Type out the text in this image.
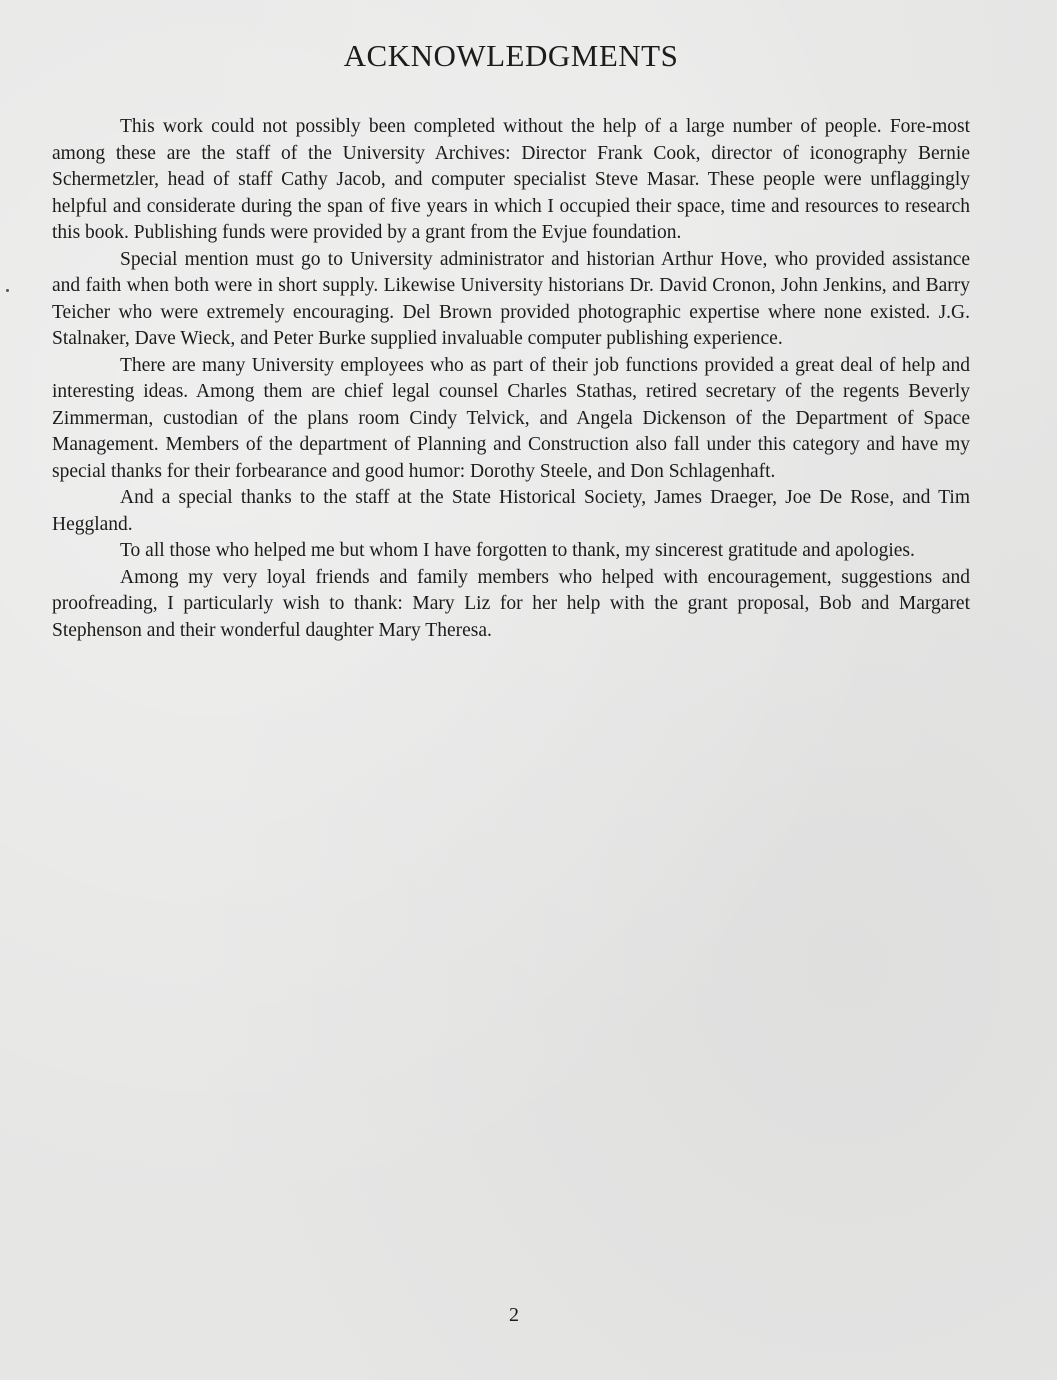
ACKNOWLEDGMENTS

This work could not possibly been completed without the help of a large number of people. Fore-most among these are the staff of the University Archives: Director Frank Cook, director of iconography Bernie Schermetzler, head of staff Cathy Jacob, and computer specialist Steve Masar. These people were unflaggingly helpful and considerate during the span of five years in which I occupied their space, time and resources to research this book. Publishing funds were provided by a grant from the Evjue foundation.

Special mention must go to University administrator and historian Arthur Hove, who provided assistance and faith when both were in short supply. Likewise University historians Dr. David Cronon, John Jenkins, and Barry Teicher who were extremely encouraging. Del Brown provided photographic expertise where none existed. J.G. Stalnaker, Dave Wieck, and Peter Burke supplied invaluable computer publishing experience.

There are many University employees who as part of their job functions provided a great deal of help and interesting ideas. Among them are chief legal counsel Charles Stathas, retired secretary of the regents Beverly Zimmerman, custodian of the plans room Cindy Telvick, and Angela Dickenson of the Department of Space Management. Members of the department of Planning and Construction also fall under this category and have my special thanks for their forbearance and good humor: Dorothy Steele, and Don Schlagenhaft.

And a special thanks to the staff at the State Historical Society, James Draeger, Joe De Rose, and Tim Heggland.

To all those who helped me but whom I have forgotten to thank, my sincerest gratitude and apologies.

Among my very loyal friends and family members who helped with encouragement, suggestions and proofreading, I particularly wish to thank: Mary Liz for her help with the grant proposal, Bob and Margaret Stephenson and their wonderful daughter Mary Theresa.

2
